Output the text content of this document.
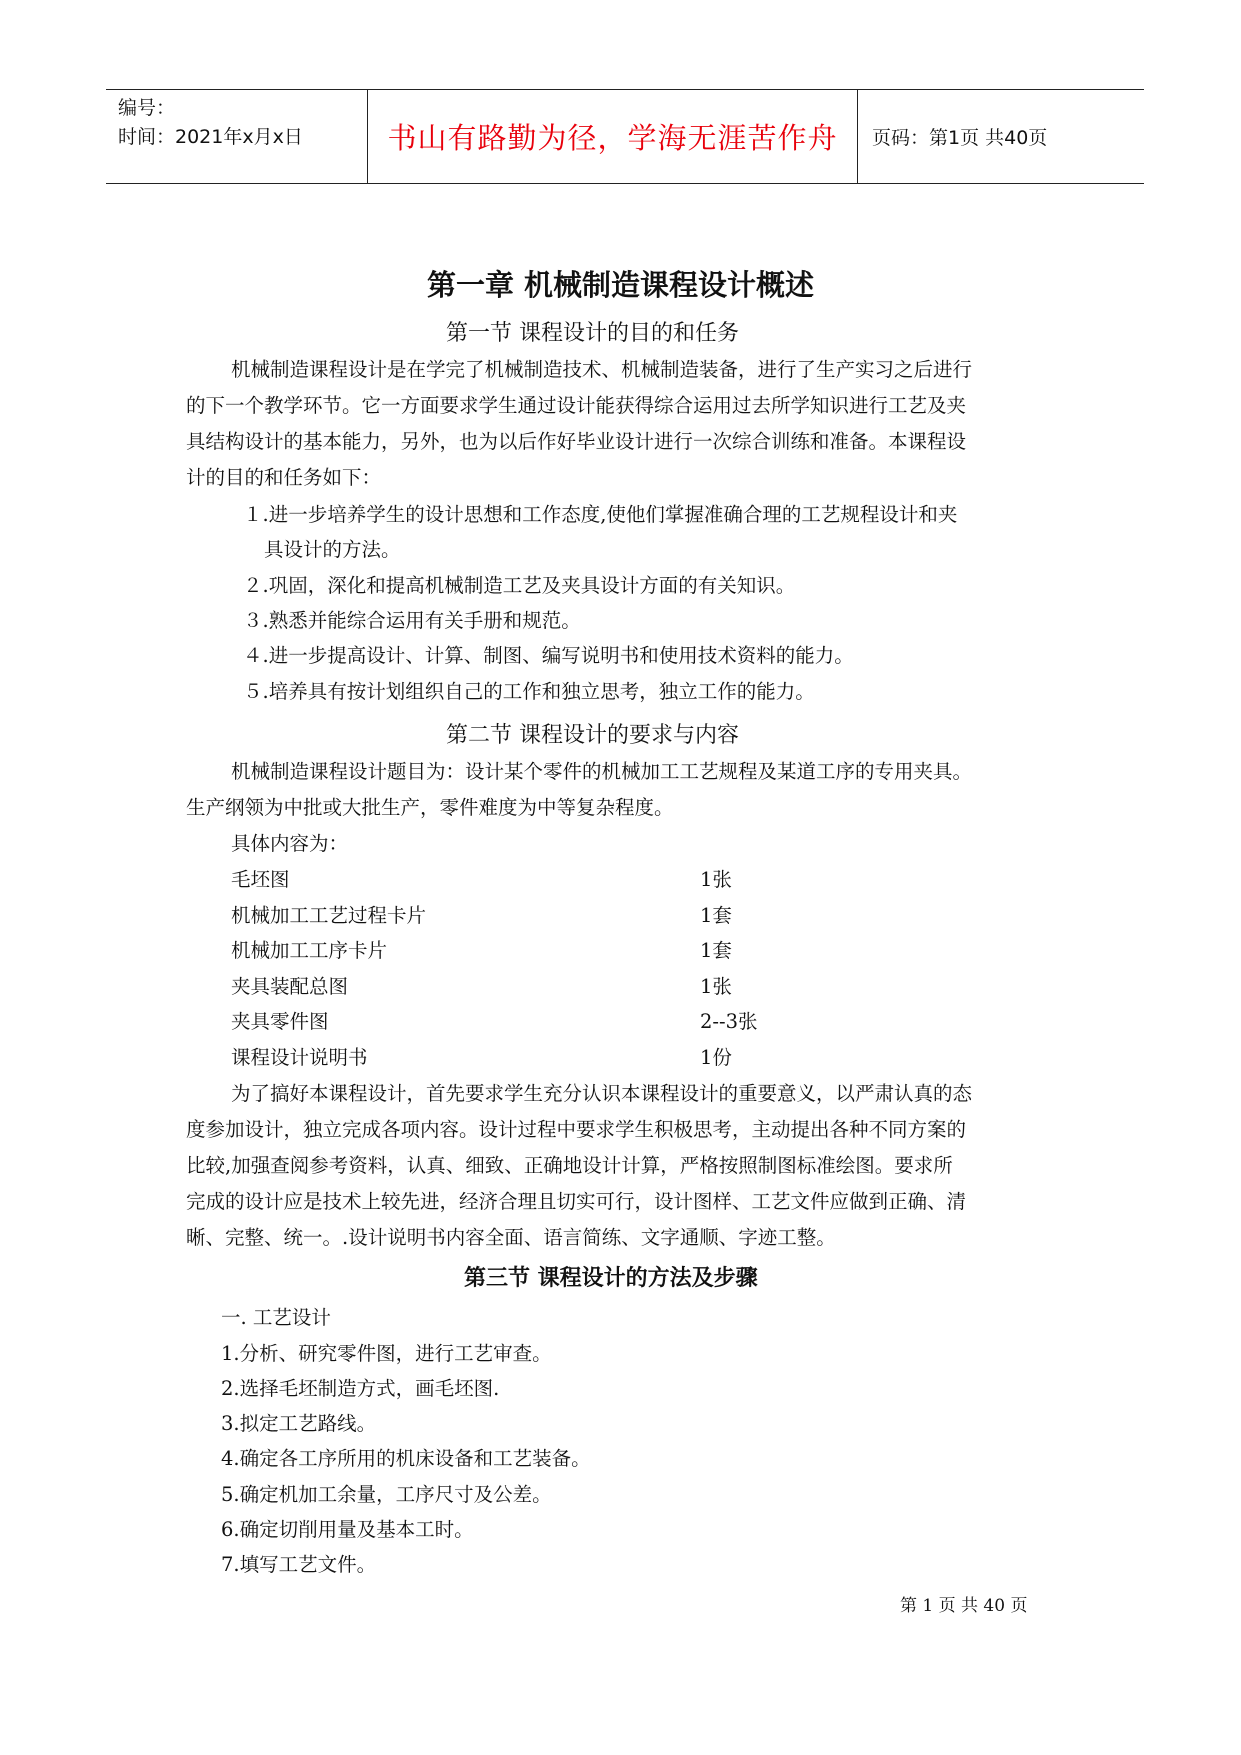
编号：
时间：2021年x月x日	书山有路勤为径，学海无涯苦作舟	页码：第1页 共40页
第一章 机械制造课程设计概述
第一节 课程设计的目的和任务
机械制造课程设计是在学完了机械制造技术、机械制造装备，进行了生产实习之后进行
的下一个教学环节。它一方面要求学生通过设计能获得综合运用过去所学知识进行工艺及夹
具结构设计的基本能力，另外，也为以后作好毕业设计进行一次综合训练和准备。本课程设
计的目的和任务如下：
１.进一步培养学生的设计思想和工作态度,使他们掌握准确合理的工艺规程设计和夹
具设计的方法。
２.巩固，深化和提高机械制造工艺及夹具设计方面的有关知识。
３.熟悉并能综合运用有关手册和规范。
４.进一步提高设计、计算、制图、编写说明书和使用技术资料的能力。
５.培养具有按计划组织自己的工作和独立思考，独立工作的能力。
第二节 课程设计的要求与内容
机械制造课程设计题目为：设计某个零件的机械加工工艺规程及某道工序的专用夹具。
生产纲领为中批或大批生产，零件难度为中等复杂程度。
具体内容为：
毛坯图	1张
机械加工工艺过程卡片	1套
机械加工工序卡片	1套
夹具装配总图	1张
夹具零件图	2--3张
课程设计说明书	1份
为了搞好本课程设计，首先要求学生充分认识本课程设计的重要意义，以严肃认真的态
度参加设计，独立完成各项内容。设计过程中要求学生积极思考，主动提出各种不同方案的
比较,加强查阅参考资料，认真、细致、正确地设计计算，严格按照制图标准绘图。要求所
完成的设计应是技术上较先进，经济合理且切实可行，设计图样、工艺文件应做到正确、清
晰、完整、统一。.设计说明书内容全面、语言简练、文字通顺、字迹工整。
第三节 课程设计的方法及步骤
一. 工艺设计
1.分析、研究零件图，进行工艺审查。
2.选择毛坯制造方式，画毛坯图.
3.拟定工艺路线。
4.确定各工序所用的机床设备和工艺装备。
5.确定机加工余量，工序尺寸及公差。
6.确定切削用量及基本工时。
7.填写工艺文件。
第 1 页 共 40 页
